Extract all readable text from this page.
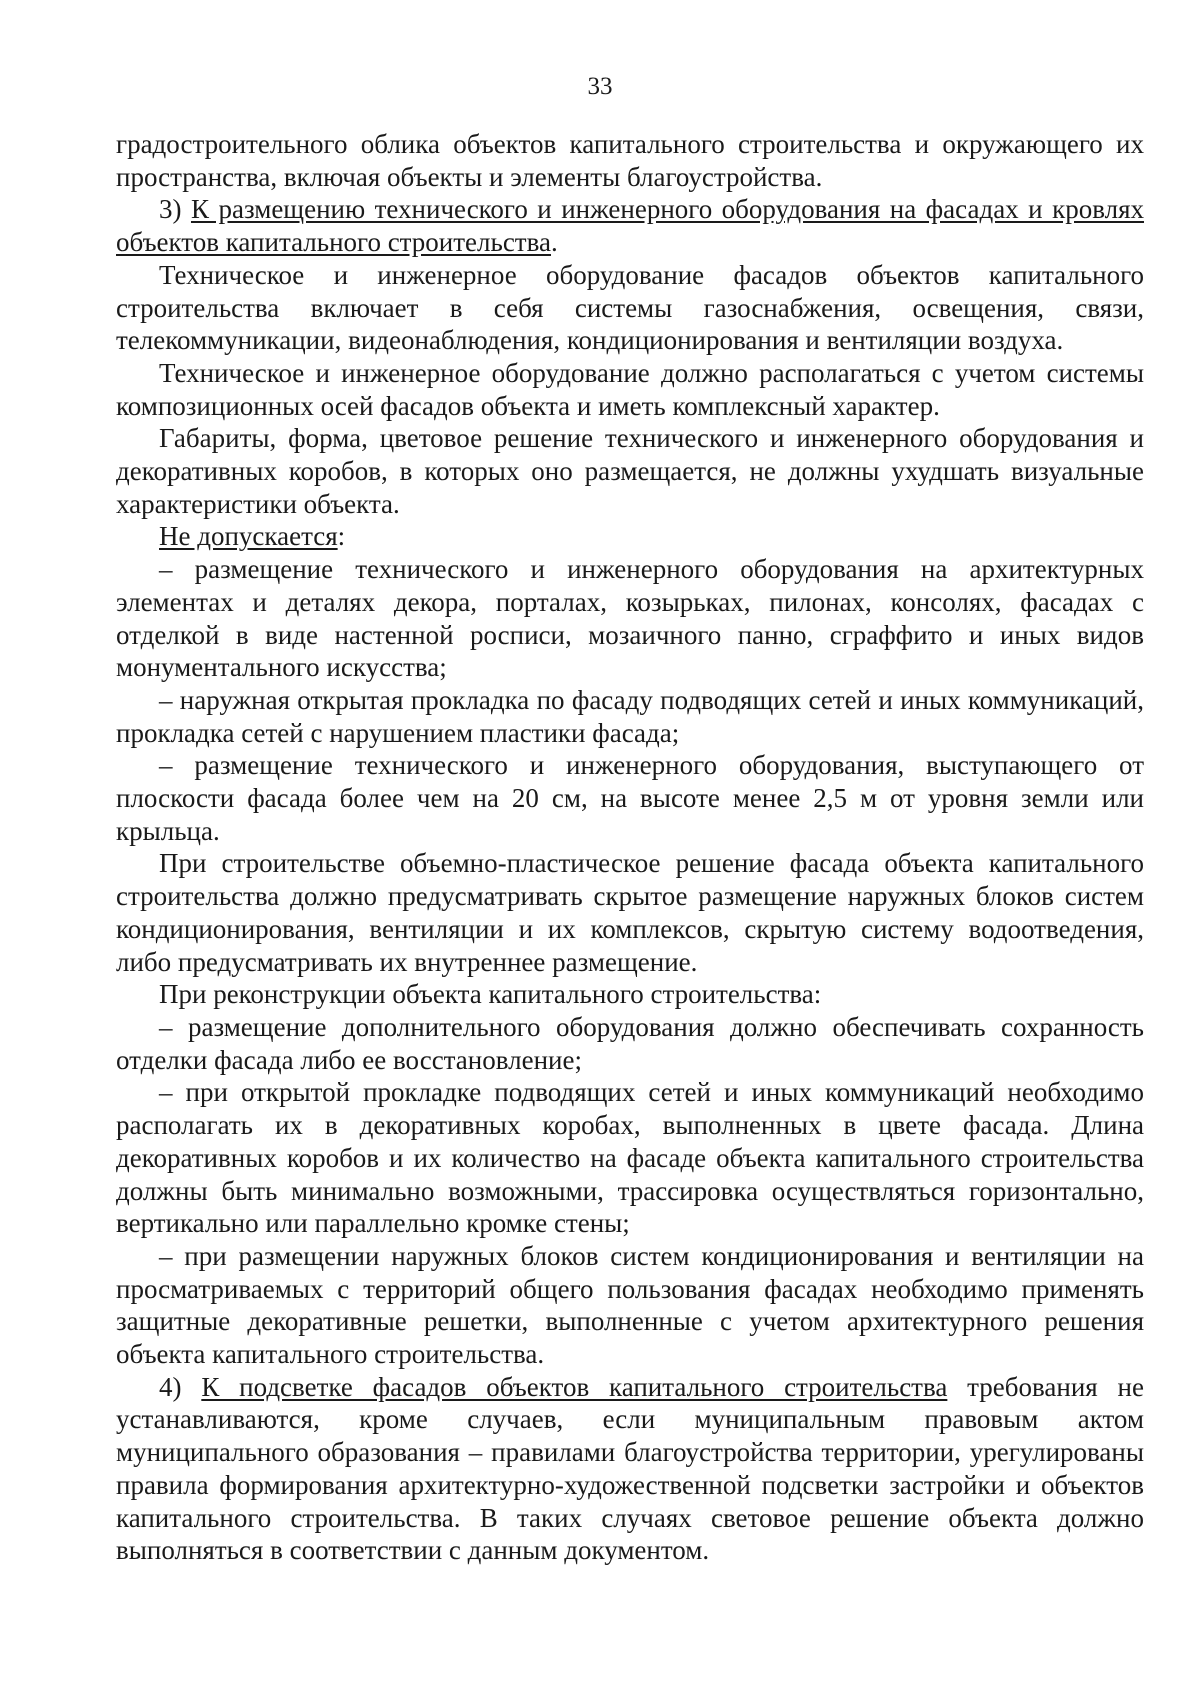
33

градостроительного облика объектов капитального строительства и окружающего их пространства, включая объекты и элементы благоустройства.

3) К размещению технического и инженерного оборудования на фасадах и кровлях объектов капитального строительства.

Техническое и инженерное оборудование фасадов объектов капитального строительства включает в себя системы газоснабжения, освещения, связи, телекоммуникации, видеонаблюдения, кондиционирования и вентиляции воздуха.

Техническое и инженерное оборудование должно располагаться с учетом системы композиционных осей фасадов объекта и иметь комплексный характер.

Габариты, форма, цветовое решение технического и инженерного оборудования и декоративных коробов, в которых оно размещается, не должны ухудшать визуальные характеристики объекта.

Не допускается:

– размещение технического и инженерного оборудования на архитектурных элементах и деталях декора, порталах, козырьках, пилонах, консолях, фасадах с отделкой в виде настенной росписи, мозаичного панно, сграффито и иных видов монументального искусства;

– наружная открытая прокладка по фасаду подводящих сетей и иных коммуникаций, прокладка сетей с нарушением пластики фасада;

– размещение технического и инженерного оборудования, выступающего от плоскости фасада более чем на 20 см, на высоте менее 2,5 м от уровня земли или крыльца.

При строительстве объемно-пластическое решение фасада объекта капитального строительства должно предусматривать скрытое размещение наружных блоков систем кондиционирования, вентиляции и их комплексов, скрытую систему водоотведения, либо предусматривать их внутреннее размещение.

При реконструкции объекта капитального строительства:

– размещение дополнительного оборудования должно обеспечивать сохранность отделки фасада либо ее восстановление;

– при открытой прокладке подводящих сетей и иных коммуникаций необходимо располагать их в декоративных коробах, выполненных в цвете фасада. Длина декоративных коробов и их количество на фасаде объекта капитального строительства должны быть минимально возможными, трассировка осуществляться горизонтально, вертикально или параллельно кромке стены;

– при размещении наружных блоков систем кондиционирования и вентиляции на просматриваемых с территорий общего пользования фасадах необходимо применять защитные декоративные решетки, выполненные с учетом архитектурного решения объекта капитального строительства.

4) К подсветке фасадов объектов капитального строительства требования не устанавливаются, кроме случаев, если муниципальным правовым актом муниципального образования – правилами благоустройства территории, урегулированы правила формирования архитектурно-художественной подсветки застройки и объектов капитального строительства. В таких случаях световое решение объекта должно выполняться в соответствии с данным документом.
